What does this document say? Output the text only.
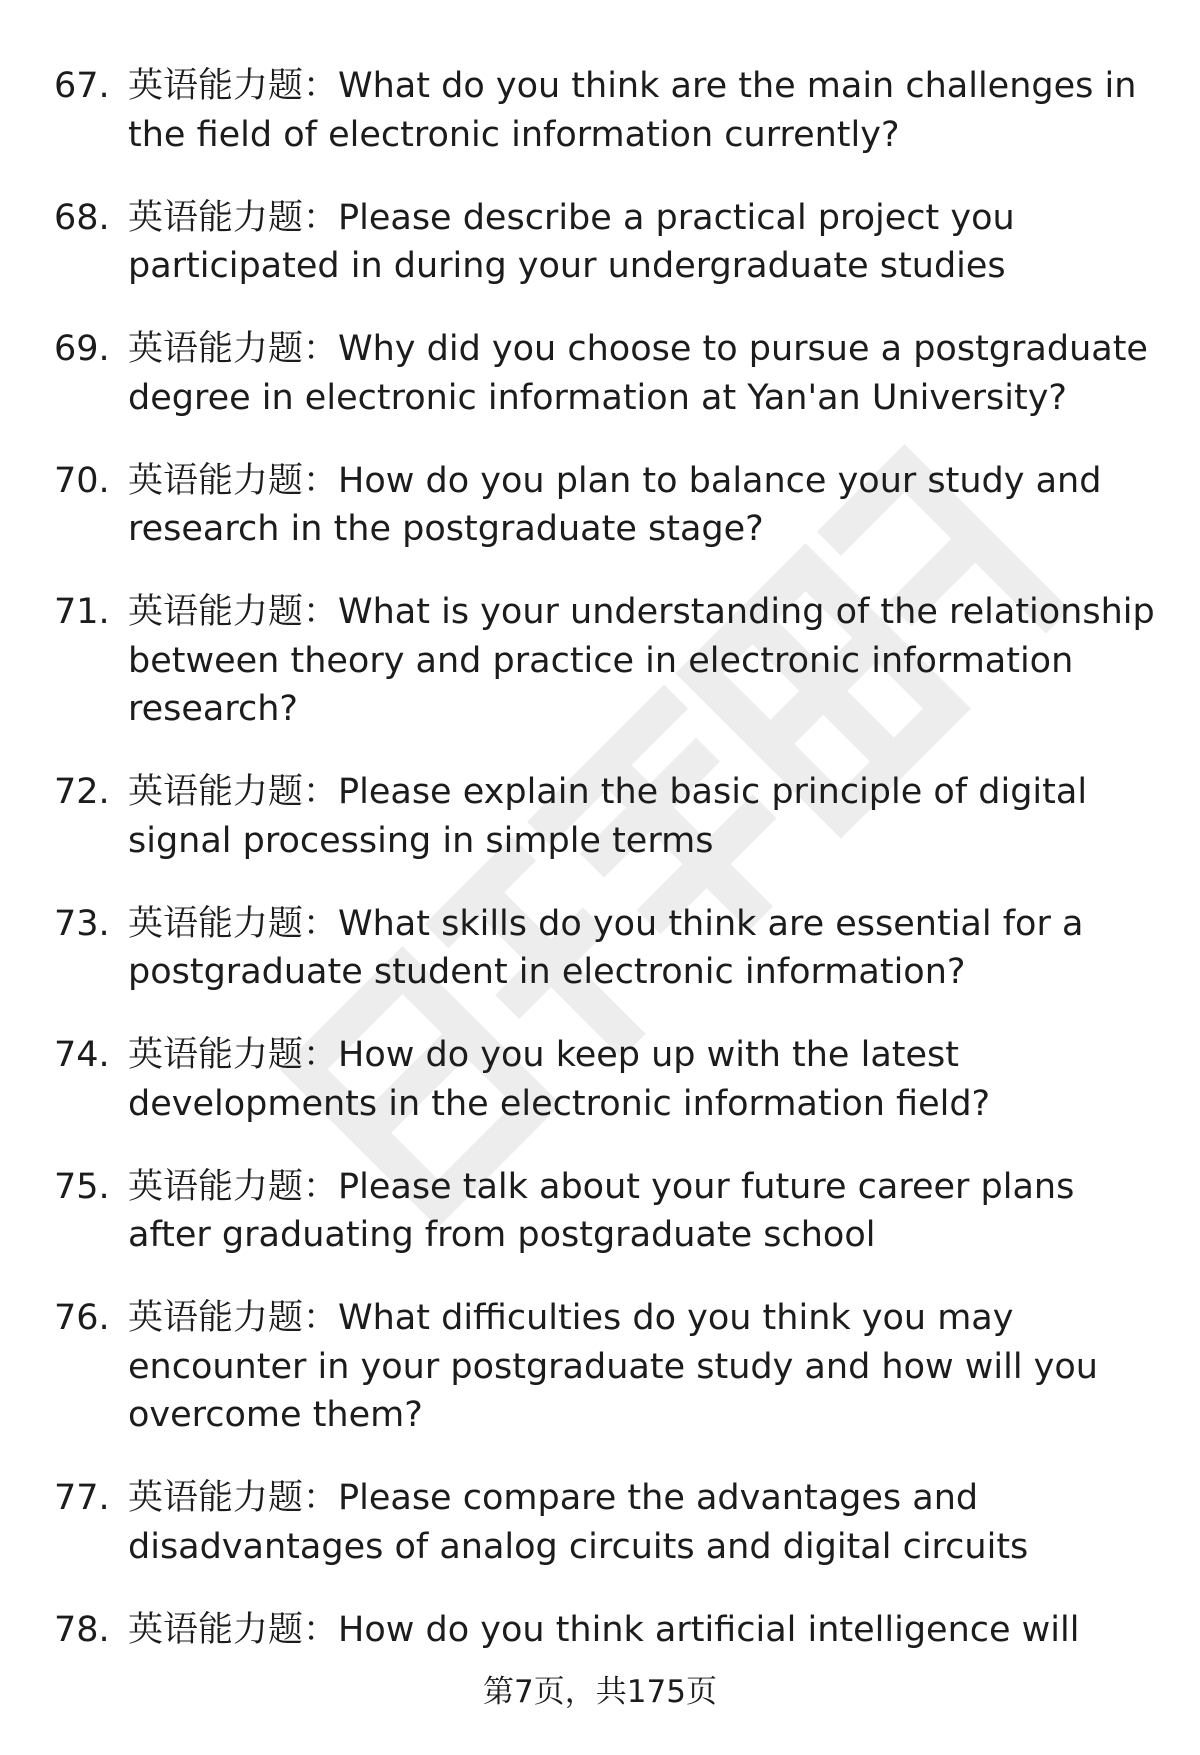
67. 英语能力题：What do you think are the main challenges in the field of electronic information currently?
68. 英语能力题：Please describe a practical project you participated in during your undergraduate studies
69. 英语能力题：Why did you choose to pursue a postgraduate degree in electronic information at Yan'an University?
70. 英语能力题：How do you plan to balance your study and research in the postgraduate stage?
71. 英语能力题：What is your understanding of the relationship between theory and practice in electronic information research?
72. 英语能力题：Please explain the basic principle of digital signal processing in simple terms
73. 英语能力题：What skills do you think are essential for a postgraduate student in electronic information?
74. 英语能力题：How do you keep up with the latest developments in the electronic information field?
75. 英语能力题：Please talk about your future career plans after graduating from postgraduate school
76. 英语能力题：What difficulties do you think you may encounter in your postgraduate study and how will you overcome them?
77. 英语能力题：Please compare the advantages and disadvantages of analog circuits and digital circuits
78. 英语能力题：How do you think artificial intelligence will
第7页，共175页
